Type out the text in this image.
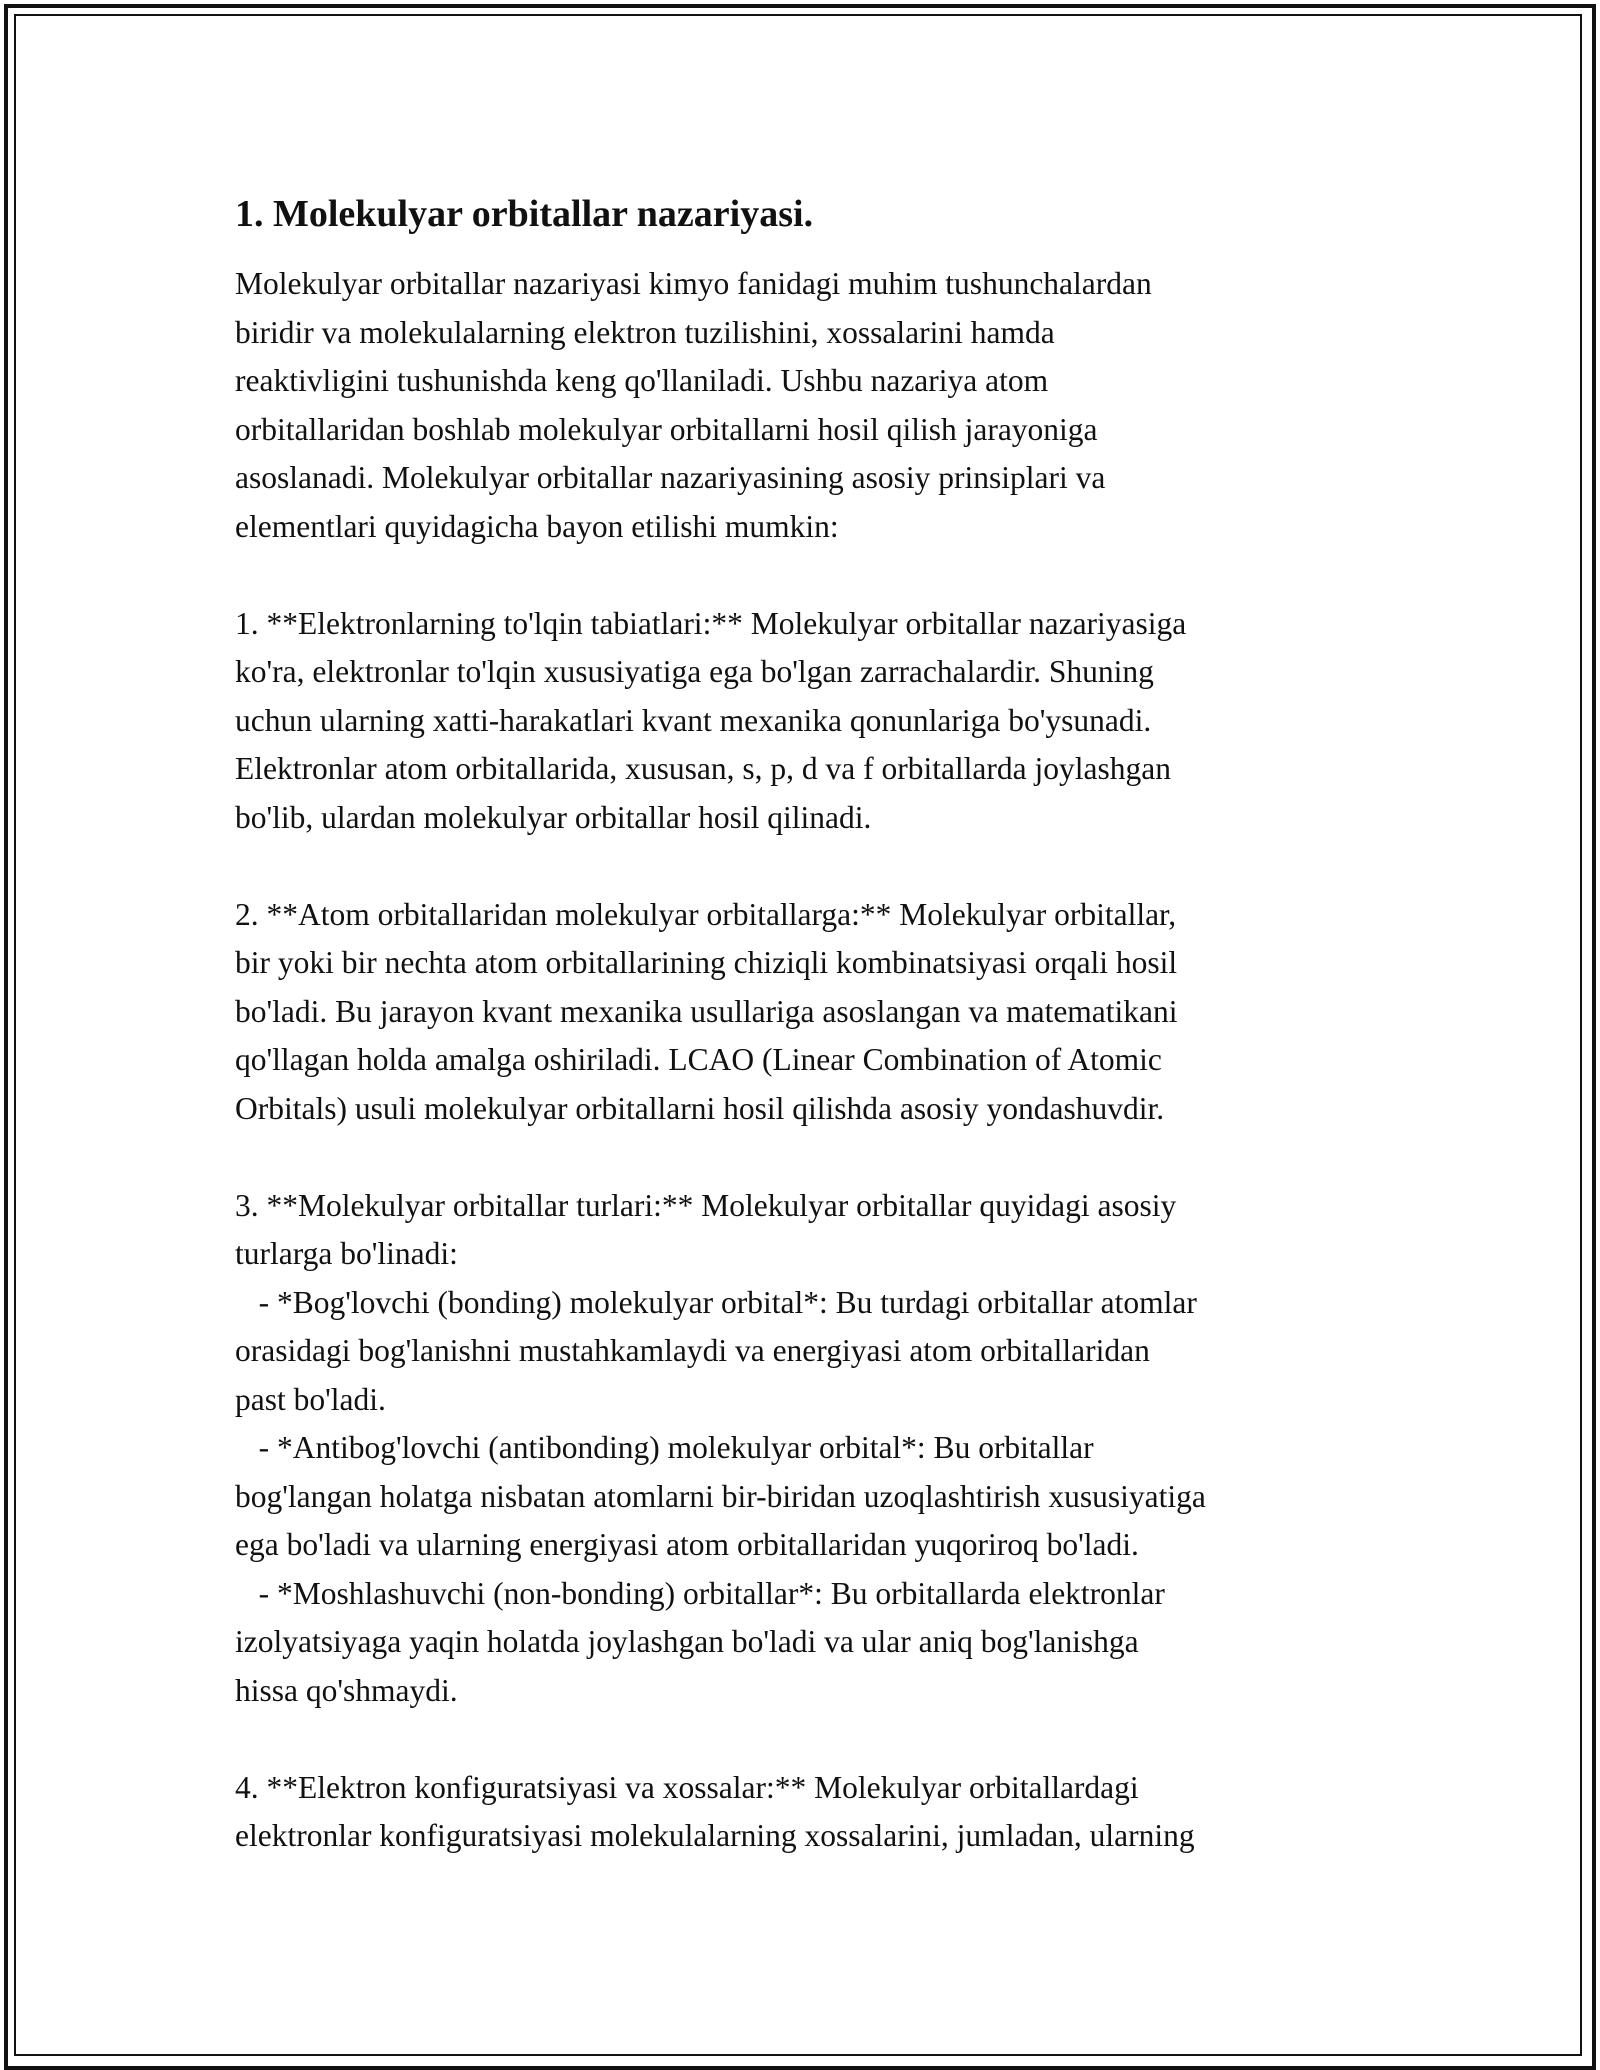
1. Molekulyar orbitallar nazariyasi.
Molekulyar orbitallar nazariyasi kimyo fanidagi muhim tushunchalardan
biridir va molekulalarning elektron tuzilishini, xossalarini hamda
reaktivligini tushunishda keng qo'llaniladi. Ushbu nazariya atom
orbitallaridan boshlab molekulyar orbitallarni hosil qilish jarayoniga
asoslanadi. Molekulyar orbitallar nazariyasining asosiy prinsiplari va
elementlari quyidagicha bayon etilishi mumkin:
1. **Elektronlarning to'lqin tabiatlari:** Molekulyar orbitallar nazariyasiga
ko'ra, elektronlar to'lqin xususiyatiga ega bo'lgan zarrachalardir. Shuning
uchun ularning xatti-harakatlari kvant mexanika qonunlariga bo'ysunadi.
Elektronlar atom orbitallarida, xususan, s, p, d va f orbitallarda joylashgan
bo'lib, ulardan molekulyar orbitallar hosil qilinadi.
2. **Atom orbitallaridan molekulyar orbitallarga:** Molekulyar orbitallar,
bir yoki bir nechta atom orbitallarining chiziqli kombinatsiyasi orqali hosil
bo'ladi. Bu jarayon kvant mexanika usullariga asoslangan va matematikani
qo'llagan holda amalga oshiriladi. LCAO (Linear Combination of Atomic
Orbitals) usuli molekulyar orbitallarni hosil qilishda asosiy yondashuvdir.
3. **Molekulyar orbitallar turlari:** Molekulyar orbitallar quyidagi asosiy
turlarga bo'linadi:
- *Bog'lovchi (bonding) molekulyar orbital*: Bu turdagi orbitallar atomlar
orasidagi bog'lanishni mustahkamlaydi va energiyasi atom orbitallaridan
past bo'ladi.
- *Antibog'lovchi (antibonding) molekulyar orbital*: Bu orbitallar
bog'langan holatga nisbatan atomlarni bir-biridan uzoqlashtirish xususiyatiga
ega bo'ladi va ularning energiyasi atom orbitallaridan yuqoriroq bo'ladi.
- *Moshlashuvchi (non-bonding) orbitallar*: Bu orbitallarda elektronlar
izolyatsiyaga yaqin holatda joylashgan bo'ladi va ular aniq bog'lanishga
hissa qo'shmaydi.
4. **Elektron konfiguratsiyasi va xossalar:** Molekulyar orbitallardagi
elektronlar konfiguratsiyasi molekulalarning xossalarini, jumladan, ularning
